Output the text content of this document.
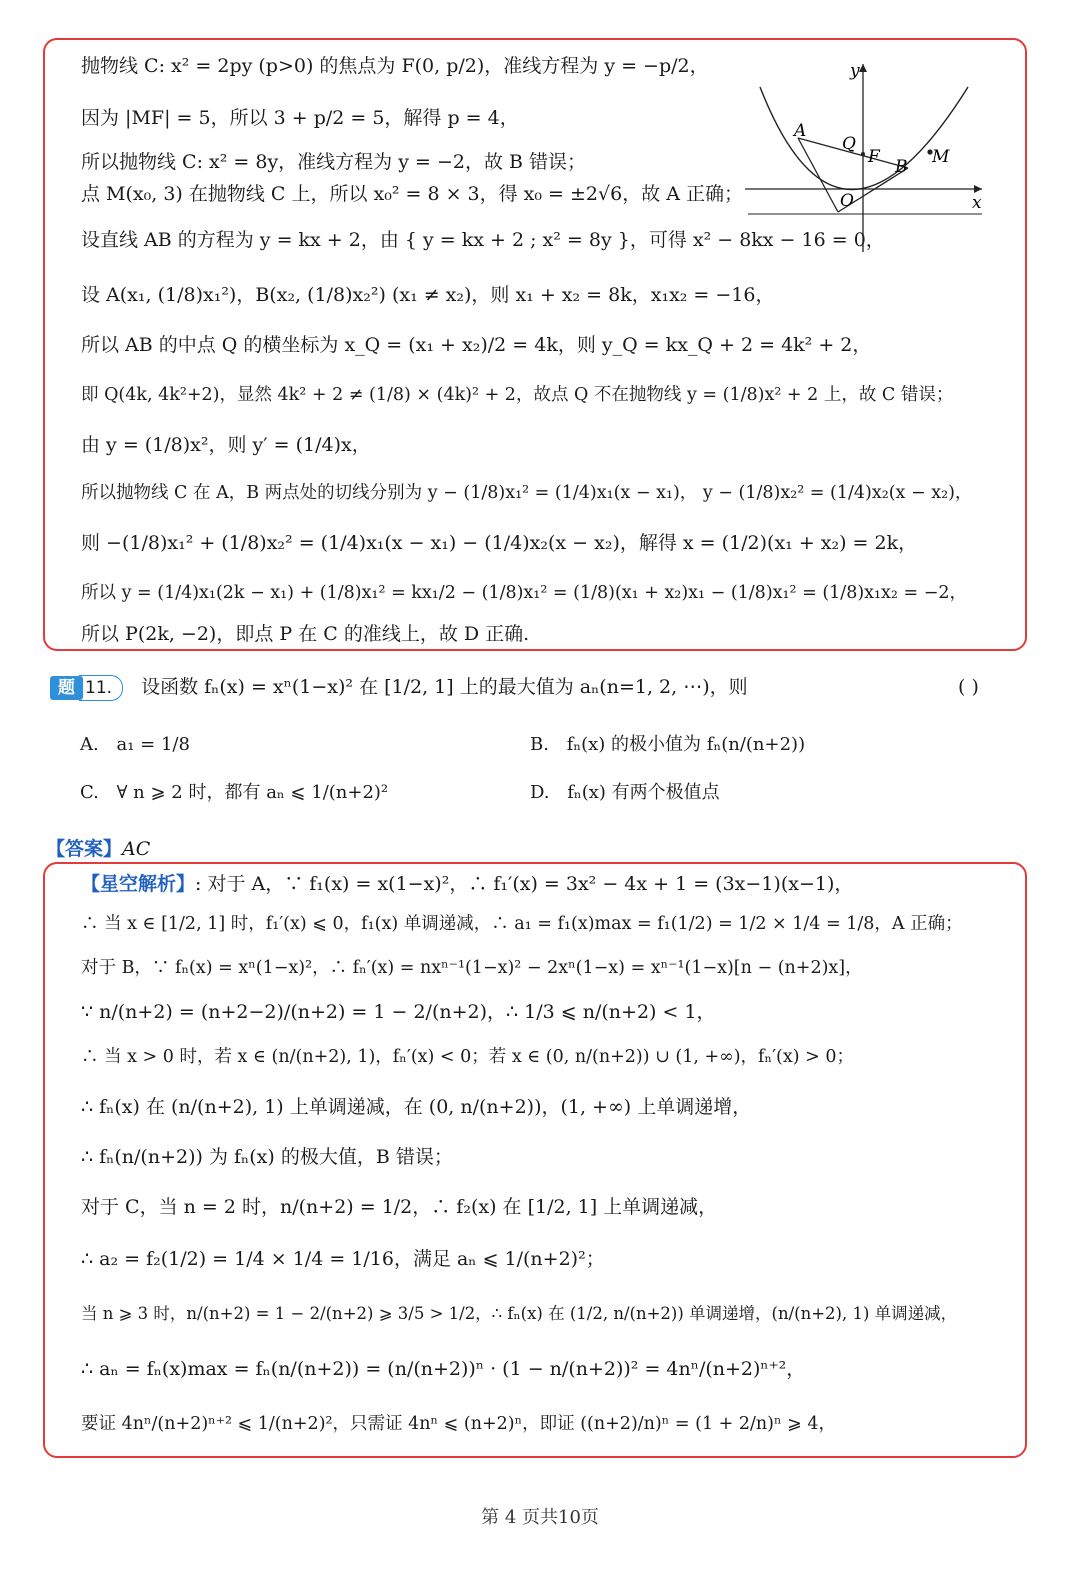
抛物线 C: x² = 2py (p>0) 的焦点为 F(0, p/2)，准线方程为 y = −p/2，
因为 |MF| = 5，所以 3 + p/2 = 5，解得 p = 4，
所以抛物线 C: x² = 8y，准线方程为 y = −2，故 B 错误；
点 M(x₀, 3) 在抛物线 C 上，所以 x₀² = 8 × 3，得 x₀ = ±2√6，故 A 正确；
设直线 AB 的方程为 y = kx + 2，由 { y = kx + 2 ; x² = 8y }，可得 x² − 8kx − 16 = 0，
设 A(x₁, (1/8)x₁²)，B(x₂, (1/8)x₂²) (x₁ ≠ x₂)，则 x₁ + x₂ = 8k，x₁x₂ = −16，
所以 AB 的中点 Q 的横坐标为 x_Q = (x₁ + x₂)/2 = 4k，则 y_Q = kx_Q + 2 = 4k² + 2，
即 Q(4k, 4k²+2)，显然 4k² + 2 ≠ (1/8) × (4k)² + 2，故点 Q 不在抛物线 y = (1/8)x² + 2 上，故 C 错误；
由 y = (1/8)x²，则 y′ = (1/4)x，
所以抛物线 C 在 A，B 两点处的切线分别为 y − (1/8)x₁² = (1/4)x₁(x − x₁)， y − (1/8)x₂² = (1/4)x₂(x − x₂)，
则 −(1/8)x₁² + (1/8)x₂² = (1/4)x₁(x − x₁) − (1/4)x₂(x − x₂)，解得 x = (1/2)(x₁ + x₂) = 2k，
所以 y = (1/4)x₁(2k − x₁) + (1/8)x₁² = kx₁/2 − (1/8)x₁² = (1/8)(x₁ + x₂)x₁ − (1/8)x₁² = (1/8)x₁x₂ = −2，
所以 P(2k, −2)，即点 P 在 C 的准线上，故 D 正确.
y
x
A
Q
F B M
O
题 11. 设函数 fₙ(x) = xⁿ(1−x)² 在 [1/2, 1] 上的最大值为 aₙ(n=1, 2, ⋯)，则	( )
A. a₁ = 1/8	B. fₙ(x) 的极小值为 fₙ(n/(n+2))
C. ∀ n ⩾ 2 时，都有 aₙ ⩽ 1/(n+2)²	D. fₙ(x) 有两个极值点
【答案】AC
【星空解析】: 对于 A，∵ f₁(x) = x(1−x)²，∴ f₁′(x) = 3x² − 4x + 1 = (3x−1)(x−1)，
∴ 当 x ∈ [1/2, 1] 时，f₁′(x) ⩽ 0，f₁(x) 单调递减，∴ a₁ = f₁(x)max = f₁(1/2) = 1/2 × 1/4 = 1/8，A 正确；
对于 B，∵ fₙ(x) = xⁿ(1−x)²，∴ fₙ′(x) = nxⁿ⁻¹(1−x)² − 2xⁿ(1−x) = xⁿ⁻¹(1−x)[n − (n+2)x]，
∵ n/(n+2) = (n+2−2)/(n+2) = 1 − 2/(n+2)，∴ 1/3 ⩽ n/(n+2) < 1，
∴ 当 x > 0 时，若 x ∈ (n/(n+2), 1)，fₙ′(x) < 0；若 x ∈ (0, n/(n+2)) ∪ (1, +∞)，fₙ′(x) > 0；
∴ fₙ(x) 在 (n/(n+2), 1) 上单调递减，在 (0, n/(n+2))，(1, +∞) 上单调递增，
∴ fₙ(n/(n+2)) 为 fₙ(x) 的极大值，B 错误；
对于 C，当 n = 2 时，n/(n+2) = 1/2，∴ f₂(x) 在 [1/2, 1] 上单调递减，
∴ a₂ = f₂(1/2) = 1/4 × 1/4 = 1/16，满足 aₙ ⩽ 1/(n+2)²；
当 n ⩾ 3 时，n/(n+2) = 1 − 2/(n+2) ⩾ 3/5 > 1/2，∴ fₙ(x) 在 (1/2, n/(n+2)) 单调递增，(n/(n+2), 1) 单调递减，
∴ aₙ = fₙ(x)max = fₙ(n/(n+2)) = (n/(n+2))ⁿ · (1 − n/(n+2))² = 4nⁿ/(n+2)ⁿ⁺²，
要证 4nⁿ/(n+2)ⁿ⁺² ⩽ 1/(n+2)²，只需证 4nⁿ ⩽ (n+2)ⁿ，即证 ((n+2)/n)ⁿ = (1 + 2/n)ⁿ ⩾ 4，
第 4 页共10页
